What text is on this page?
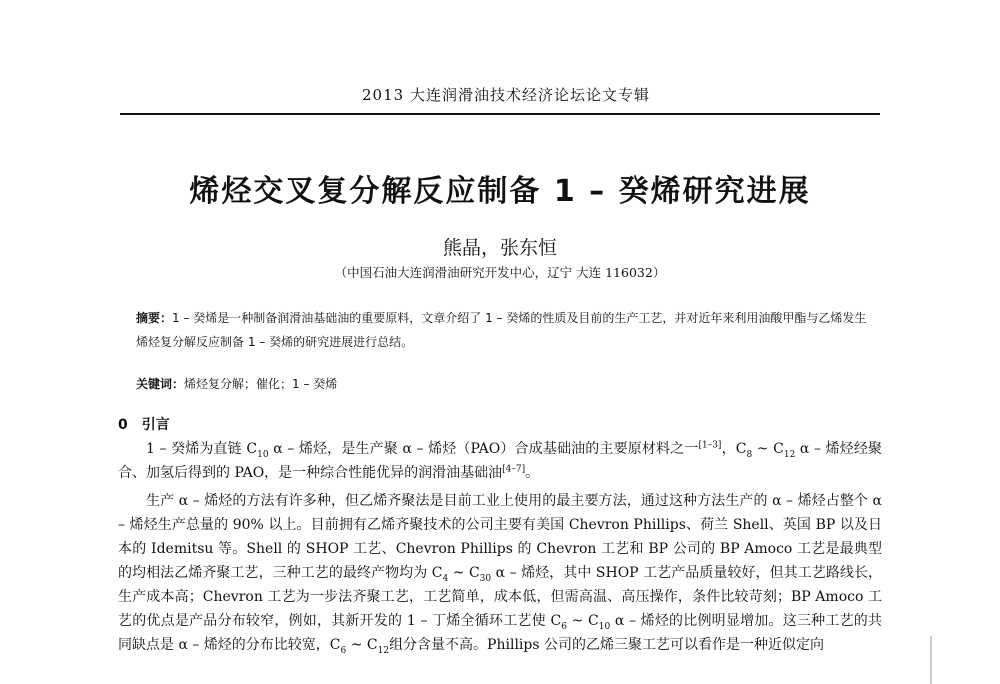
2013 大连润滑油技术经济论坛论文专辑
烯烃交叉复分解反应制备 1 – 癸烯研究进展
熊晶，张东恒
（中国石油大连润滑油研究开发中心，辽宁 大连 116032）
摘要：1 – 癸烯是一种制备润滑油基础油的重要原料，文章介绍了 1 – 癸烯的性质及目前的生产工艺，并对近年来利用油酸甲酯与乙烯发生烯烃复分解反应制备 1 – 癸烯的研究进展进行总结。
关键词：烯烃复分解；催化；1 – 癸烯
0 引言
1 – 癸烯为直链 $C_{10}$ α – 烯烃，是生产聚 α – 烯烃（PAO）合成基础油的主要原材料之一[1–3]，$C_8$ ~ $C_{12}$ α – 烯烃经聚合、加氢后得到的 PAO，是一种综合性能优异的润滑油基础油[4–7]。
生产 α – 烯烃的方法有许多种，但乙烯齐聚法是目前工业上使用的最主要方法，通过这种方法生产的 α – 烯烃占整个 α – 烯烃生产总量的 90% 以上。目前拥有乙烯齐聚技术的公司主要有美国 Chevron Phillips、荷兰 Shell、英国 BP 以及日本的 Idemitsu 等。Shell 的 SHOP 工艺、Chevron Phillips 的 Chevron 工艺和 BP 公司的 BP Amoco 工艺是最典型的均相法乙烯齐聚工艺，三种工艺的最终产物均为 $C_4$ ~ $C_{30}$ α – 烯烃，其中 SHOP 工艺产品质量较好，但其工艺路线长，生产成本高；Chevron 工艺为一步法齐聚工艺，工艺简单，成本低，但需高温、高压操作，条件比较苛刻；BP Amoco 工艺的优点是产品分布较窄，例如，其新开发的 1 – 丁烯全循环工艺使 $C_6$ ~ $C_{10}$ α – 烯烃的比例明显增加。这三种工艺的共同缺点是 α – 烯烃的分布比较宽，$C_6$ ~ $C_{12}$组分含量不高。Phillips 公司的乙烯三聚工艺可以看作是一种近似定向
